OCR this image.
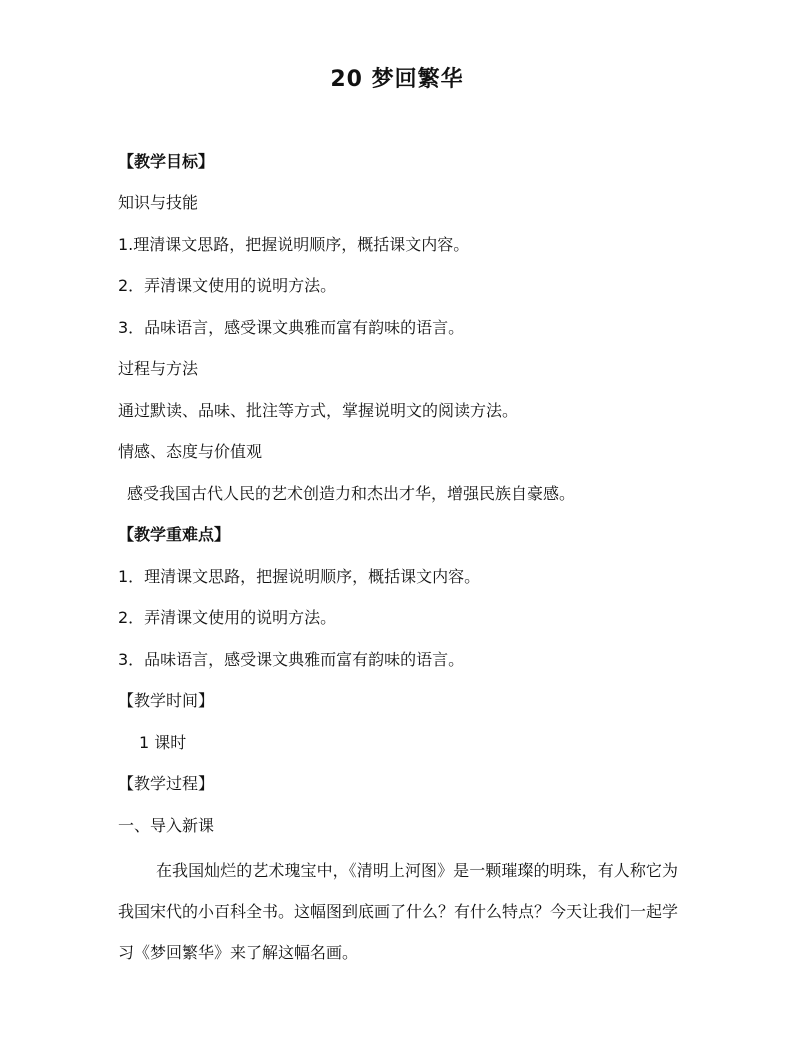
20 梦回繁华
【教学目标】
知识与技能
1.理清课文思路，把握说明顺序，概括课文内容。
2．弄清课文使用的说明方法。
3．品味语言，感受课文典雅而富有韵味的语言。
过程与方法
通过默读、品味、批注等方式，掌握说明文的阅读方法。
情感、态度与价值观
感受我国古代人民的艺术创造力和杰出才华，增强民族自豪感。
【教学重难点】
1．理清课文思路，把握说明顺序，概括课文内容。
2．弄清课文使用的说明方法。
3．品味语言，感受课文典雅而富有韵味的语言。
【教学时间】
1 课时
【教学过程】
一、导入新课
在我国灿烂的艺术瑰宝中，《清明上河图》是一颗璀璨的明珠，有人称它为我国宋代的小百科全书。这幅图到底画了什么？有什么特点？今天让我们一起学习《梦回繁华》来了解这幅名画。
